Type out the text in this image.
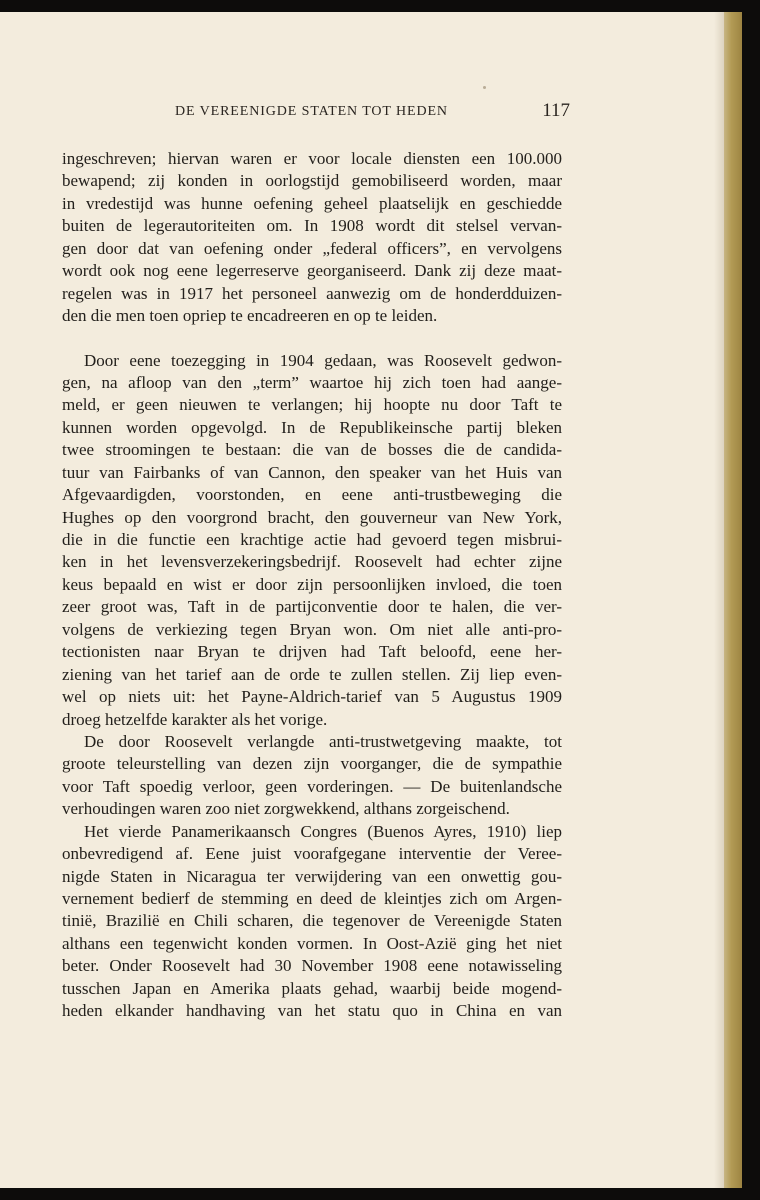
DE VEREENIGDE STATEN TOT HEDEN	117
ingeschreven; hiervan waren er voor locale diensten een 100.000
bewapend; zij konden in oorlogstijd gemobiliseerd worden, maar
in vredestijd was hunne oefening geheel plaatselijk en geschiedde
buiten de legerautoriteiten om. In 1908 wordt dit stelsel vervan-
gen door dat van oefening onder „federal officers”, en vervolgens
wordt ook nog eene legerreserve georganiseerd. Dank zij deze maat-
regelen was in 1917 het personeel aanwezig om de honderdduizen-
den die men toen opriep te encadreeren en op te leiden.
Door eene toezegging in 1904 gedaan, was Roosevelt gedwon-
gen, na afloop van den „term” waartoe hij zich toen had aange-
meld, er geen nieuwen te verlangen; hij hoopte nu door Taft te
kunnen worden opgevolgd. In de Republikeinsche partij bleken
twee stroomingen te bestaan: die van de bosses die de candida-
tuur van Fairbanks of van Cannon, den speaker van het Huis van
Afgevaardigden, voorstonden, en eene anti-trustbeweging die
Hughes op den voorgrond bracht, den gouverneur van New York,
die in die functie een krachtige actie had gevoerd tegen misbrui-
ken in het levensverzekeringsbedrijf. Roosevelt had echter zijne
keus bepaald en wist er door zijn persoonlijken invloed, die toen
zeer groot was, Taft in de partijconventie door te halen, die ver-
volgens de verkiezing tegen Bryan won. Om niet alle anti-pro-
tectionisten naar Bryan te drijven had Taft beloofd, eene her-
ziening van het tarief aan de orde te zullen stellen. Zij liep even-
wel op niets uit: het Payne-Aldrich-tarief van 5 Augustus 1909
droeg hetzelfde karakter als het vorige.
De door Roosevelt verlangde anti-trustwetgeving maakte, tot
groote teleurstelling van dezen zijn voorganger, die de sympathie
voor Taft spoedig verloor, geen vorderingen. — De buitenlandsche
verhoudingen waren zoo niet zorgwekkend, althans zorgeischend.
Het vierde Panamerikaansch Congres (Buenos Ayres, 1910) liep
onbevredigend af. Eene juist voorafgegane interventie der Veree-
nigde Staten in Nicaragua ter verwijdering van een onwettig gou-
vernement bedierf de stemming en deed de kleintjes zich om Argen-
tinië, Brazilië en Chili scharen, die tegenover de Vereenigde Staten
althans een tegenwicht konden vormen. In Oost-Azië ging het niet
beter. Onder Roosevelt had 30 November 1908 eene notawisseling
tusschen Japan en Amerika plaats gehad, waarbij beide mogend-
heden elkander handhaving van het statu quo in China en van
